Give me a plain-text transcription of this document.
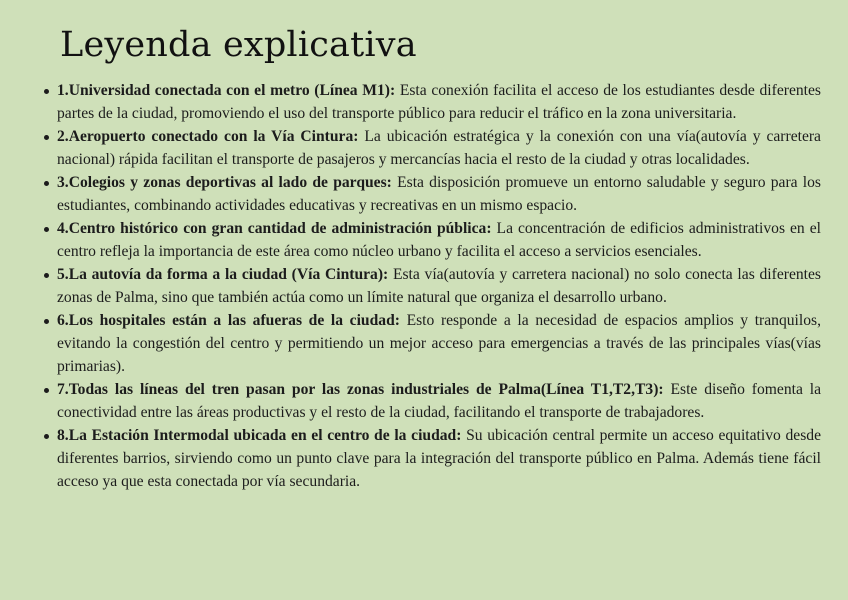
Leyenda explicativa
1.Universidad conectada con el metro (Línea M1): Esta conexión facilita el acceso de los estudiantes desde diferentes partes de la ciudad, promoviendo el uso del transporte público para reducir el tráfico en la zona universitaria.
2.Aeropuerto conectado con la Vía Cintura: La ubicación estratégica y la conexión con una vía(autovía y carretera nacional) rápida facilitan el transporte de pasajeros y mercancías hacia el resto de la ciudad y otras localidades.
3.Colegios y zonas deportivas al lado de parques: Esta disposición promueve un entorno saludable y seguro para los estudiantes, combinando actividades educativas y recreativas en un mismo espacio.
4.Centro histórico con gran cantidad de administración pública: La concentración de edificios administrativos en el centro refleja la importancia de este área como núcleo urbano y facilita el acceso a servicios esenciales.
5.La autovía da forma a la ciudad (Vía Cintura): Esta vía(autovía y carretera nacional) no solo conecta las diferentes zonas de Palma, sino que también actúa como un límite natural que organiza el desarrollo urbano.
6.Los hospitales están a las afueras de la ciudad: Esto responde a la necesidad de espacios amplios y tranquilos, evitando la congestión del centro y permitiendo un mejor acceso para emergencias a través de las principales vías(vías primarias).
7.Todas las líneas del tren pasan por las zonas industriales de Palma(Línea T1,T2,T3): Este diseño fomenta la conectividad entre las áreas productivas y el resto de la ciudad, facilitando el transporte de trabajadores.
8.La Estación Intermodal ubicada en el centro de la ciudad: Su ubicación central permite un acceso equitativo desde diferentes barrios, sirviendo como un punto clave para la integración del transporte público en Palma. Además tiene fácil acceso ya que esta conectada por vía secundaria.
